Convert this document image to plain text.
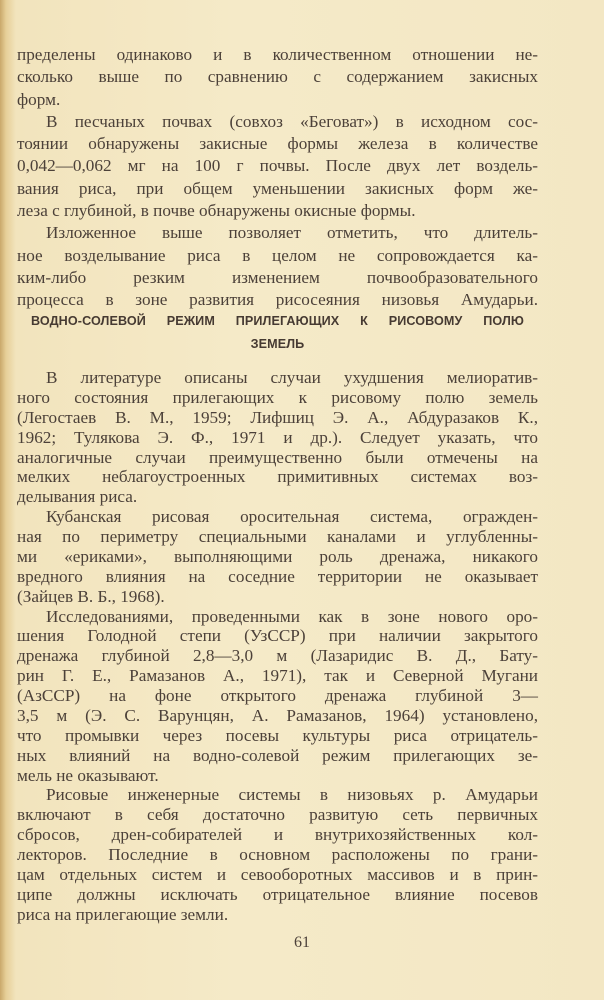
пределены одинаково и в количественном отношении не-
сколько выше по сравнению с содержанием закисных
форм.
В песчаных почвах (совхоз «Беговат») в исходном сос-
тоянии обнаружены закисные формы железа в количестве
0,042—0,062 мг на 100 г почвы. После двух лет воздель-
вания риса, при общем уменьшении закисных форм же-
леза с глубиной, в почве обнаружены окисные формы.
Изложенное выше позволяет отметить, что длитель-
ное возделывание риса в целом не сопровождается ка-
ким-либо резким изменением почвообразовательного
процесса в зоне развития рисосеяния низовья Амударьи.
ВОДНО-СОЛЕВОЙ РЕЖИМ ПРИЛЕГАЮЩИХ К РИСОВОМУ ПОЛЮ
ЗЕМЕЛЬ
В литературе описаны случаи ухудшения мелиоратив-
ного состояния прилегающих к рисовому полю земель
(Легостаев В. М., 1959; Лифшиц Э. А., Абдуразаков К.,
1962; Тулякова Э. Ф., 1971 и др.). Следует указать, что
аналогичные случаи преимущественно были отмечены на
мелких неблагоустроенных примитивных системах воз-
делывания риса.
Кубанская рисовая оросительная система, огражден-
ная по периметру специальными каналами и углубленны-
ми «ериками», выполняющими роль дренажа, никакого
вредного влияния на соседние территории не оказывает
(Зайцев В. Б., 1968).
Исследованиями, проведенными как в зоне нового оро-
шения Голодной степи (УзССР) при наличии закрытого
дренажа глубиной 2,8—3,0 м (Лазаридис В. Д., Бату-
рин Г. Е., Рамазанов А., 1971), так и Северной Мугани
(АзССР) на фоне открытого дренажа глубиной 3—
3,5 м (Э. С. Варунцян, А. Рамазанов, 1964) установлено,
что промывки через посевы культуры риса отрицатель-
ных влияний на водно-солевой режим прилегающих зе-
мель не оказывают.
Рисовые инженерные системы в низовьях р. Амударьи
включают в себя достаточно развитую сеть первичных
сбросов, дрен-собирателей и внутрихозяйственных кол-
лекторов. Последние в основном расположены по грани-
цам отдельных систем и севооборотных массивов и в прин-
ципе должны исключать отрицательное влияние посевов
риса на прилегающие земли.
61
